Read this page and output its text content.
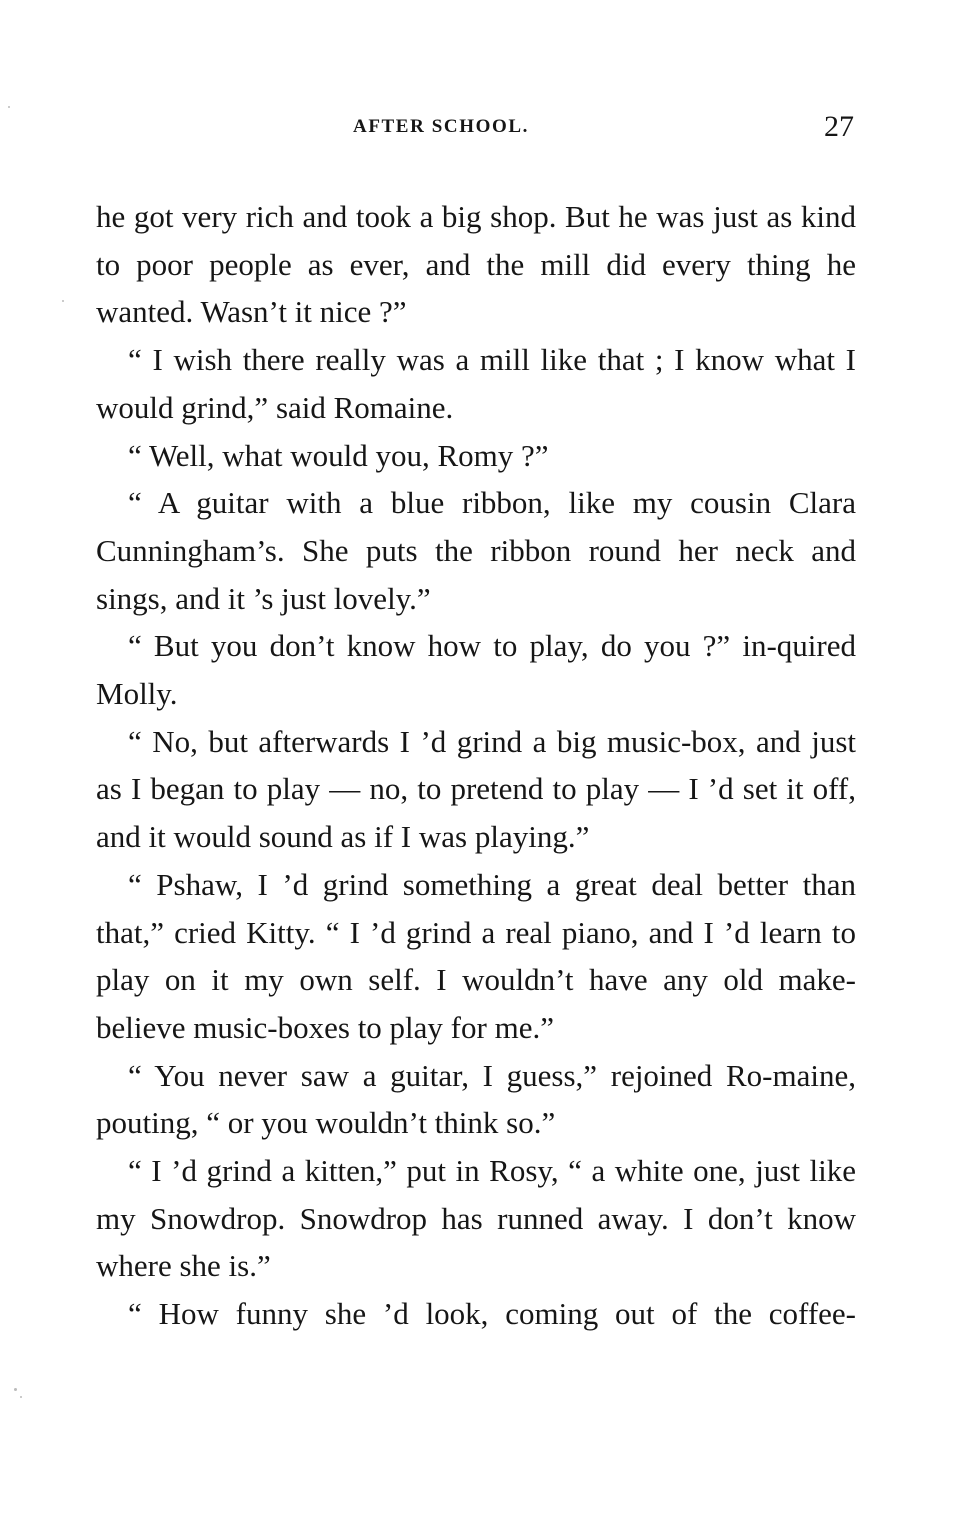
AFTER SCHOOL.	27

he got very rich and took a big shop. But he was just as kind to poor people as ever, and the mill did every thing he wanted. Wasn’t it nice ?”

“ I wish there really was a mill like that ; I know what I would grind,” said Romaine.

“ Well, what would you, Romy ?”

“ A guitar with a blue ribbon, like my cousin Clara Cunningham’s. She puts the ribbon round her neck and sings, and it ’s just lovely.”

“ But you don’t know how to play, do you ?” in-quired Molly.

“ No, but afterwards I ’d grind a big music-box, and just as I began to play — no, to pretend to play — I ’d set it off, and it would sound as if I was playing.”

“ Pshaw, I ’d grind something a great deal better than that,” cried Kitty. “ I ’d grind a real piano, and I ’d learn to play on it my own self. I wouldn’t have any old make-believe music-boxes to play for me.”

“ You never saw a guitar, I guess,” rejoined Ro-maine, pouting, “ or you wouldn’t think so.”

“ I ’d grind a kitten,” put in Rosy, “ a white one, just like my Snowdrop. Snowdrop has runned away. I don’t know where she is.”

“ How funny she ’d look, coming out of the coffee-
